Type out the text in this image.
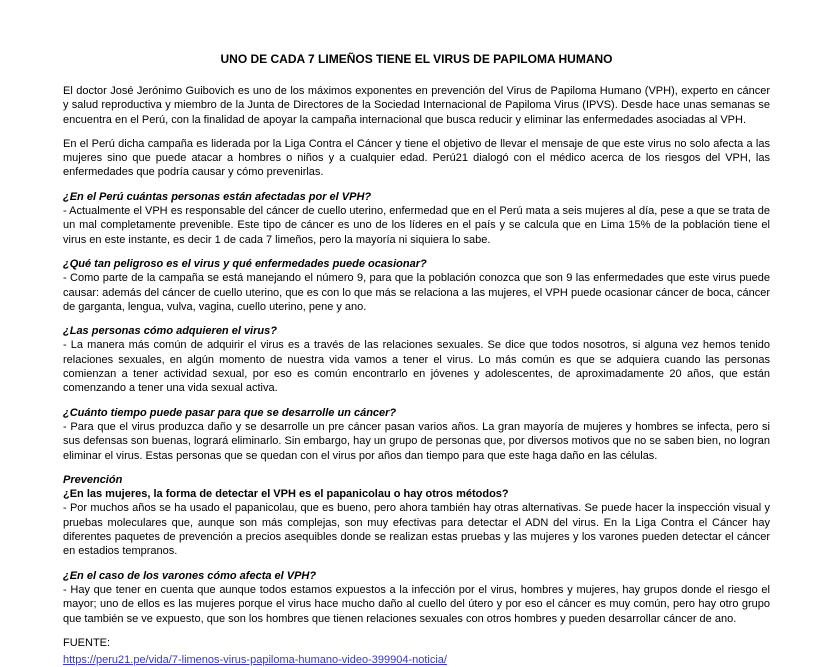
UNO DE CADA 7 LIMEÑOS TIENE EL VIRUS DE PAPILOMA HUMANO

El doctor José Jerónimo Guibovich es uno de los máximos exponentes en prevención del Virus de Papiloma Humano (VPH), experto en cáncer y salud reproductiva y miembro de la Junta de Directores de la Sociedad Internacional de Papiloma Virus (IPVS). Desde hace unas semanas se encuentra en el Perú, con la finalidad de apoyar la campaña internacional que busca reducir y eliminar las enfermedades asociadas al VPH.

En el Perú dicha campaña es liderada por la Liga Contra el Cáncer y tiene el objetivo de llevar el mensaje de que este virus no solo afecta a las mujeres sino que puede atacar a hombres o niños y a cualquier edad. Perú21 dialogó con el médico acerca de los riesgos del VPH, las enfermedades que podría causar y cómo prevenirlas.

¿En el Perú cuántas personas están afectadas por el VPH?

- Actualmente el VPH es responsable del cáncer de cuello uterino, enfermedad que en el Perú mata a seis mujeres al día, pese a que se trata de un mal completamente prevenible. Este tipo de cáncer es uno de los líderes en el país y se calcula que en Lima 15% de la población tiene el virus en este instante, es decir 1 de cada 7 limeños, pero la mayoría ni siquiera lo sabe.

¿Qué tan peligroso es el virus y qué enfermedades puede ocasionar?

- Como parte de la campaña se está manejando el número 9, para que la población conozca que son 9 las enfermedades que este virus puede causar: además del cáncer de cuello uterino, que es con lo que más se relaciona a las mujeres, el VPH puede ocasionar cáncer de boca, cáncer de garganta, lengua, vulva, vagina, cuello uterino, pene y ano.

¿Las personas cómo adquieren el virus?

- La manera más común de adquirir el virus es a través de las relaciones sexuales. Se dice que todos nosotros, si alguna vez hemos tenido relaciones sexuales, en algún momento de nuestra vida vamos a tener el virus. Lo más común es que se adquiera cuando las personas comienzan a tener actividad sexual, por eso es común encontrarlo en jóvenes y adolescentes, de aproximadamente 20 años, que están comenzando a tener una vida sexual activa.

¿Cuánto tiempo puede pasar para que se desarrolle un cáncer?

- Para que el virus produzca daño y se desarrolle un pre cáncer pasan varios años. La gran mayoría de mujeres y hombres se infecta, pero si sus defensas son buenas, logrará eliminarlo. Sin embargo, hay un grupo de personas que, por diversos motivos que no se saben bien, no logran eliminar el virus. Estas personas que se quedan con el virus por años dan tiempo para que este haga daño en las células.

Prevención
¿En las mujeres, la forma de detectar el VPH es el papanicolau o hay otros métodos?

- Por muchos años se ha usado el papanicolau, que es bueno, pero ahora también hay otras alternativas. Se puede hacer la inspección visual y pruebas moleculares que, aunque son más complejas, son muy efectivas para detectar el ADN del virus. En la Liga Contra el Cáncer hay diferentes paquetes de prevención a precios asequibles donde se realizan estas pruebas y las mujeres y los varones pueden detectar el cáncer en estadios tempranos.

¿En el caso de los varones cómo afecta el VPH?

- Hay que tener en cuenta que aunque todos estamos expuestos a la infección por el virus, hombres y mujeres, hay grupos donde el riesgo el mayor; uno de ellos es las mujeres porque el virus hace mucho daño al cuello del útero y por eso el cáncer es muy común, pero hay otro grupo que también se ve expuesto, que son los hombres que tienen relaciones sexuales con otros hombres y pueden desarrollar cáncer de ano.

FUENTE:
https://peru21.pe/vida/7-limenos-virus-papiloma-humano-video-399904-noticia/
